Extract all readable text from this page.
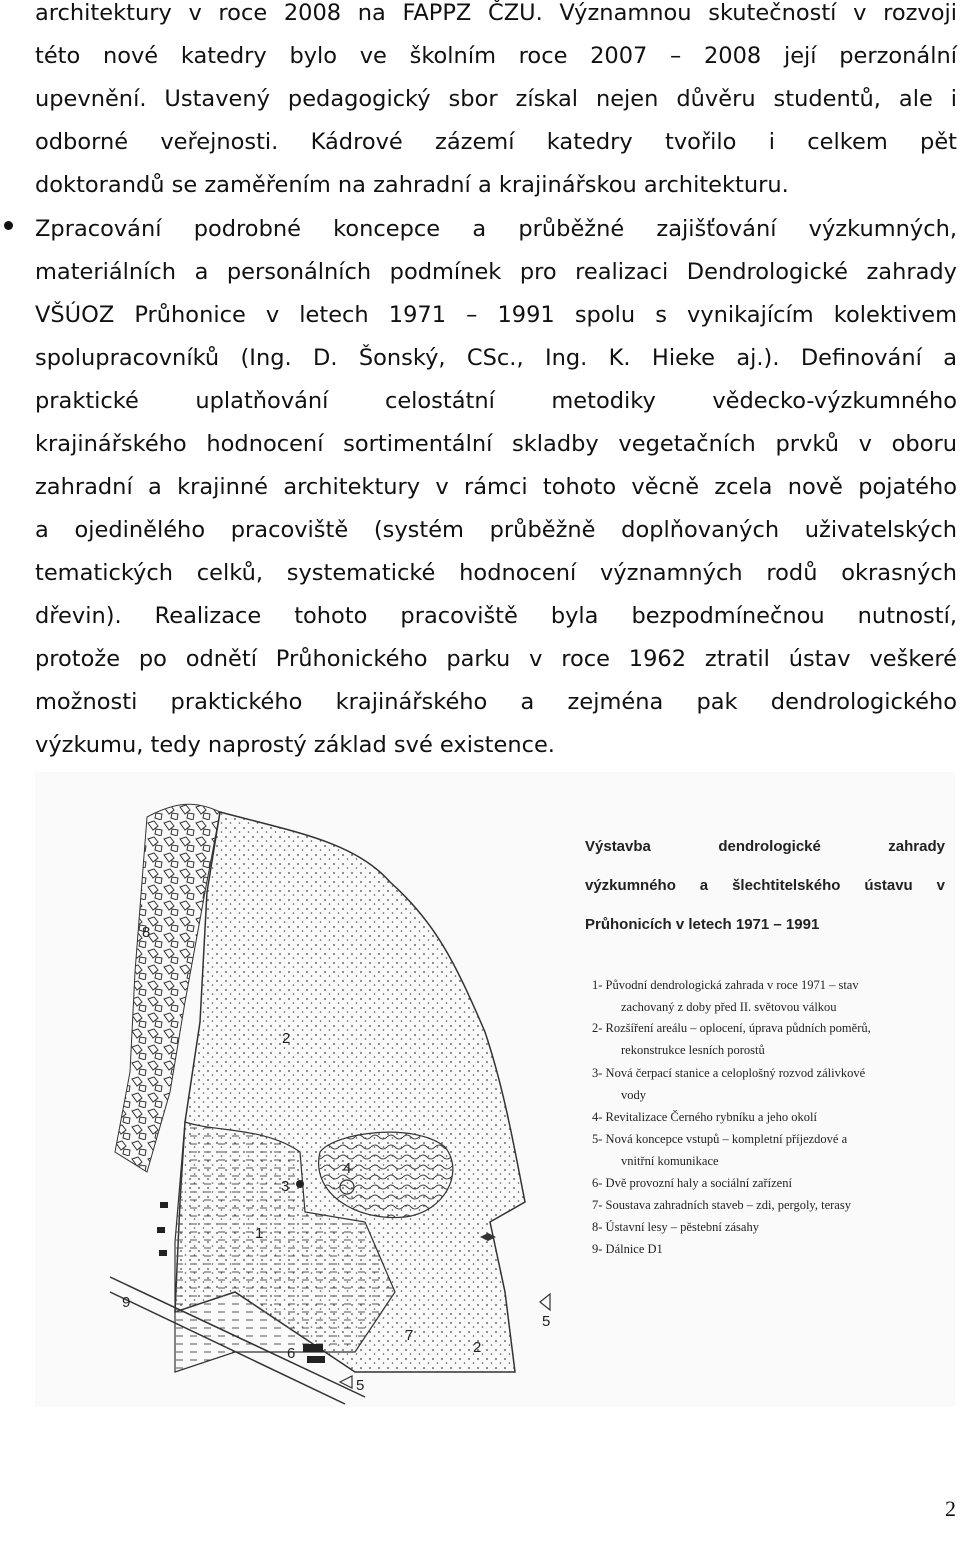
architektury v roce 2008 na FAPPZ ČZU. Významnou skutečností v rozvoji
této nové katedry bylo ve školním roce 2007 – 2008 její perzonální
upevnění. Ustavený pedagogický sbor získal nejen důvěru studentů, ale i
odborné veřejnosti. Kádrové zázemí katedry tvořilo i celkem pět
doktorandů se zaměřením na zahradní a krajinářskou architekturu.
Zpracování podrobné koncepce a průběžné zajišťování výzkumných,
materiálních a personálních podmínek pro realizaci Dendrologické zahrady
VŠÚOZ Průhonice v letech 1971 – 1991 spolu s vynikajícím kolektivem
spolupracovníků (Ing. D. Šonský, CSc., Ing. K. Hieke aj.). Definování a
praktické uplatňování celostátní metodiky vědecko-výzkumného
krajinářského hodnocení sortimentální skladby vegetačních prvků v oboru
zahradní a krajinné architektury v rámci tohoto věcně zcela nově pojatého
a ojedinělého pracoviště (systém průběžně doplňovaných uživatelských
tematických celků, systematické hodnocení významných rodů okrasných
dřevin). Realizace tohoto pracoviště byla bezpodmínečnou nutností,
protože po odnětí Průhonického parku v roce 1962 ztratil ústav veškeré
možnosti praktického krajinářského a zejména pak dendrologického
výzkumu, tedy naprostý základ své existence.
8
2
4
3
1
9
6
7
2
5
5
Výstavba dendrologické zahrady
výzkumného a šlechtitelského ústavu v
Průhonicích v letech 1971 – 1991
1- Původní dendrologická zahrada v roce 1971 – stav
zachovaný z doby před II. světovou válkou
2- Rozšíření areálu – oplocení, úprava půdních poměrů,
rekonstrukce lesních porostů
3- Nová čerpací stanice a celoplošný rozvod zálivkové
vody
4- Revitalizace Černého rybníku a jeho okolí
5- Nová koncepce vstupů – kompletní příjezdové a
vnitřní komunikace
6- Dvě provozní haly a sociální zařízení
7- Soustava zahradních staveb – zdi, pergoly, terasy
8- Ústavní lesy – pěstební zásahy
9- Dálnice D1
2
